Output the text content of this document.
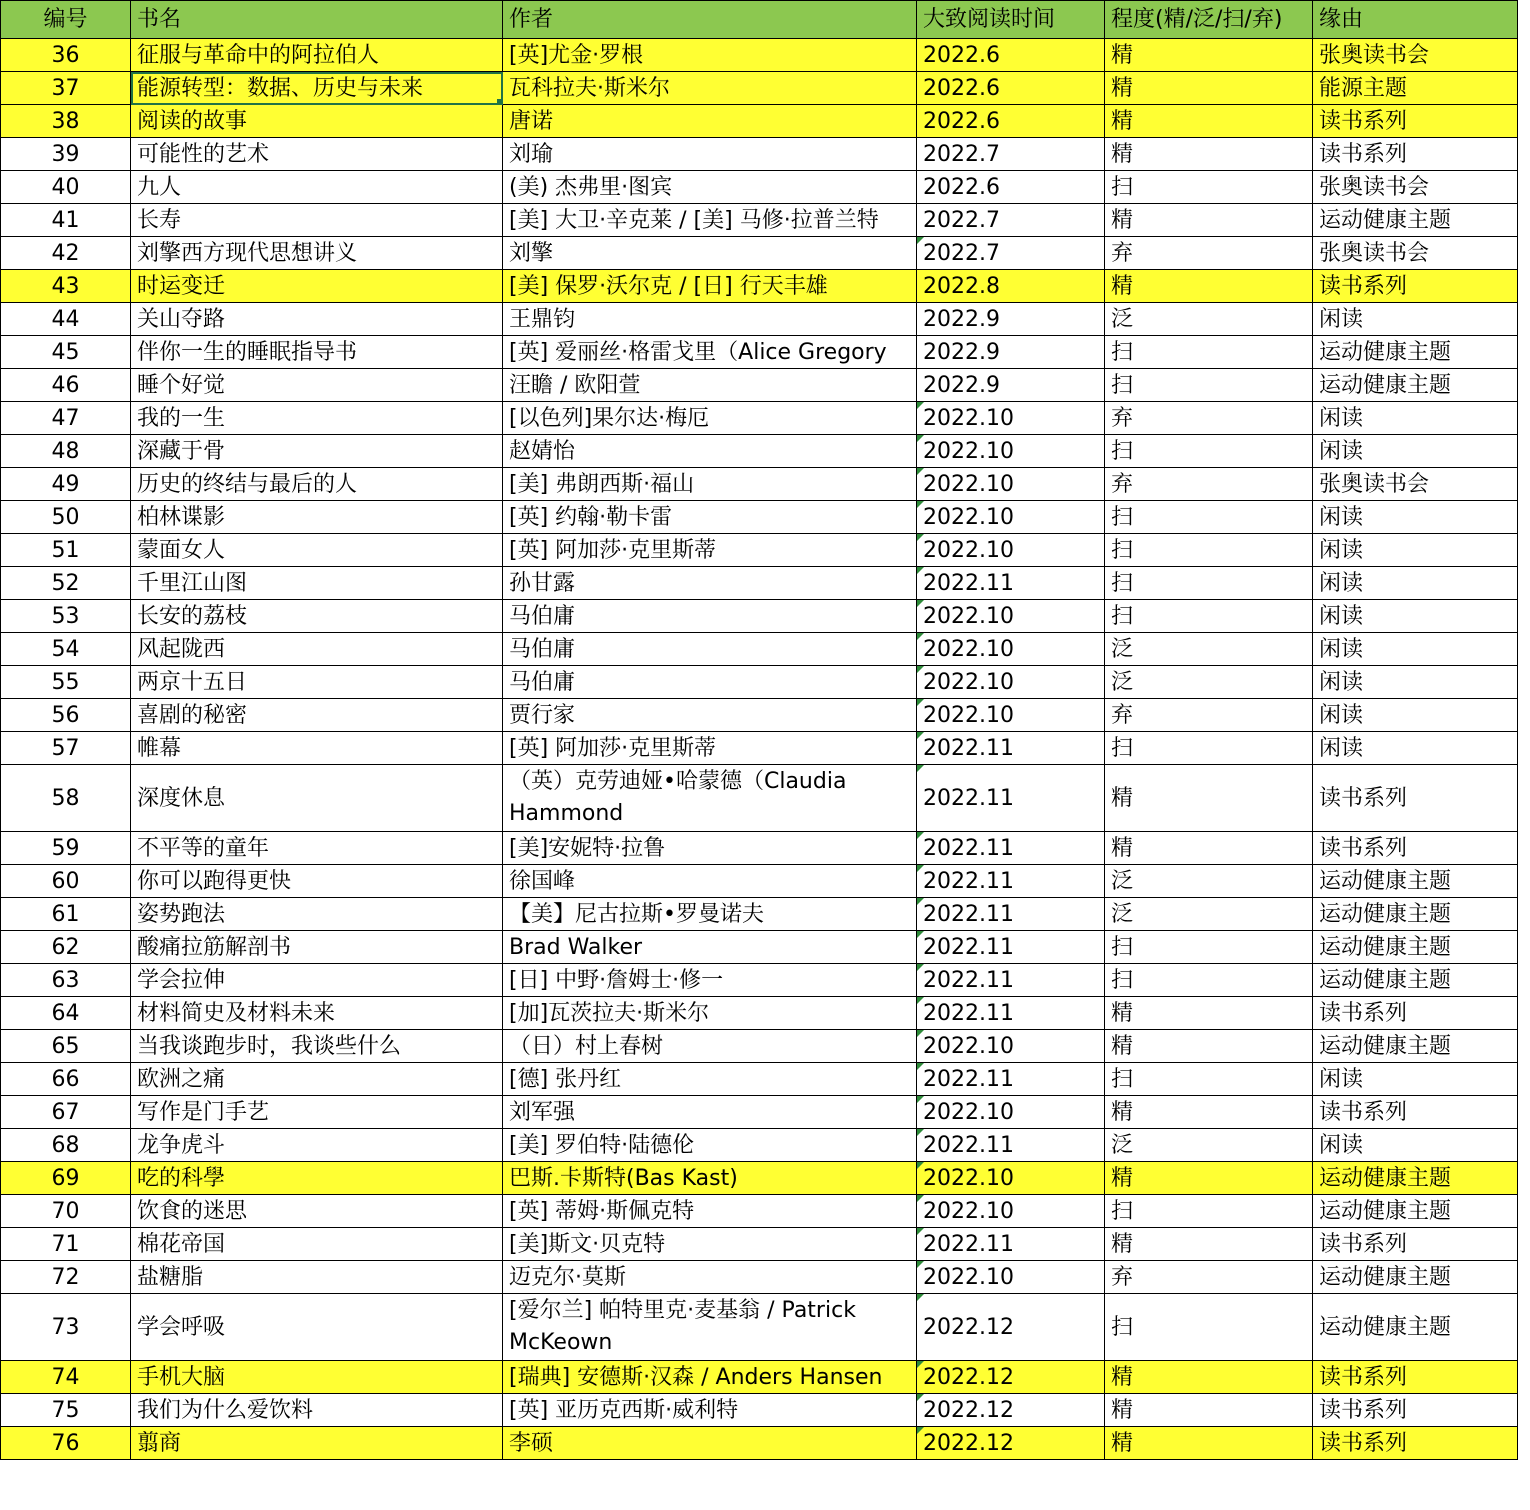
编号	书名	作者	大致阅读时间	程度(精/泛/扫/弃)	缘由
36	征服与革命中的阿拉伯人	[英]尤金·罗根	2022.6	精	张奥读书会
37	能源转型：数据、历史与未来	瓦科拉夫·斯米尔	2022.6	精	能源主题
38	阅读的故事	唐诺	2022.6	精	读书系列
39	可能性的艺术	刘瑜	2022.7	精	读书系列
40	九人	(美) 杰弗里·图宾	2022.6	扫	张奥读书会
41	长寿	[美] 大卫·辛克莱 / [美] 马修·拉普兰特	2022.7	精	运动健康主题
42	刘擎西方现代思想讲义	刘擎	2022.7	弃	张奥读书会
43	时运变迁	[美] 保罗·沃尔克 / [日] 行天丰雄	2022.8	精	读书系列
44	关山夺路	王鼎钧	2022.9	泛	闲读
45	伴你一生的睡眠指导书	[英] 爱丽丝·格雷戈里（Alice Gregory	2022.9	扫	运动健康主题
46	睡个好觉	汪瞻 / 欧阳萱	2022.9	扫	运动健康主题
47	我的一生	[以色列]果尔达·梅厄	2022.10	弃	闲读
48	深藏于骨	赵婧怡	2022.10	扫	闲读
49	历史的终结与最后的人	[美] 弗朗西斯·福山	2022.10	弃	张奥读书会
50	柏林谍影	[英] 约翰·勒卡雷	2022.10	扫	闲读
51	蒙面女人	[英] 阿加莎·克里斯蒂	2022.10	扫	闲读
52	千里江山图	孙甘露	2022.11	扫	闲读
53	长安的荔枝	马伯庸	2022.10	扫	闲读
54	风起陇西	马伯庸	2022.10	泛	闲读
55	两京十五日	马伯庸	2022.10	泛	闲读
56	喜剧的秘密	贾行家	2022.10	弃	闲读
57	帷幕	[英] 阿加莎·克里斯蒂	2022.11	扫	闲读
58	深度休息	（英）克劳迪娅•哈蒙德（Claudia Hammond	2022.11	精	读书系列
59	不平等的童年	[美]安妮特·拉鲁	2022.11	精	读书系列
60	你可以跑得更快	徐国峰	2022.11	泛	运动健康主题
61	姿势跑法	【美】尼古拉斯•罗曼诺夫	2022.11	泛	运动健康主题
62	酸痛拉筋解剖书	Brad Walker	2022.11	扫	运动健康主题
63	学会拉伸	[日] 中野·詹姆士·修一	2022.11	扫	运动健康主题
64	材料简史及材料未来	[加]瓦茨拉夫·斯米尔	2022.11	精	读书系列
65	当我谈跑步时，我谈些什么	（日）村上春树	2022.10	精	运动健康主题
66	欧洲之痛	[德] 张丹红	2022.11	扫	闲读
67	写作是门手艺	刘军强	2022.10	精	读书系列
68	龙争虎斗	[美] 罗伯特·陆德伦	2022.11	泛	闲读
69	吃的科學	巴斯.卡斯特(Bas Kast)	2022.10	精	运动健康主题
70	饮食的迷思	[英] 蒂姆·斯佩克特	2022.10	扫	运动健康主题
71	棉花帝国	[美]斯文·贝克特	2022.11	精	读书系列
72	盐糖脂	迈克尔·莫斯	2022.10	弃	运动健康主题
73	学会呼吸	[爱尔兰] 帕特里克·麦基翁 / Patrick McKeown	2022.12	扫	运动健康主题
74	手机大脑	[瑞典] 安德斯·汉森 / Anders Hansen	2022.12	精	读书系列
75	我们为什么爱饮料	[英] 亚历克西斯·威利特	2022.12	精	读书系列
76	翦商	李硕	2022.12	精	读书系列
